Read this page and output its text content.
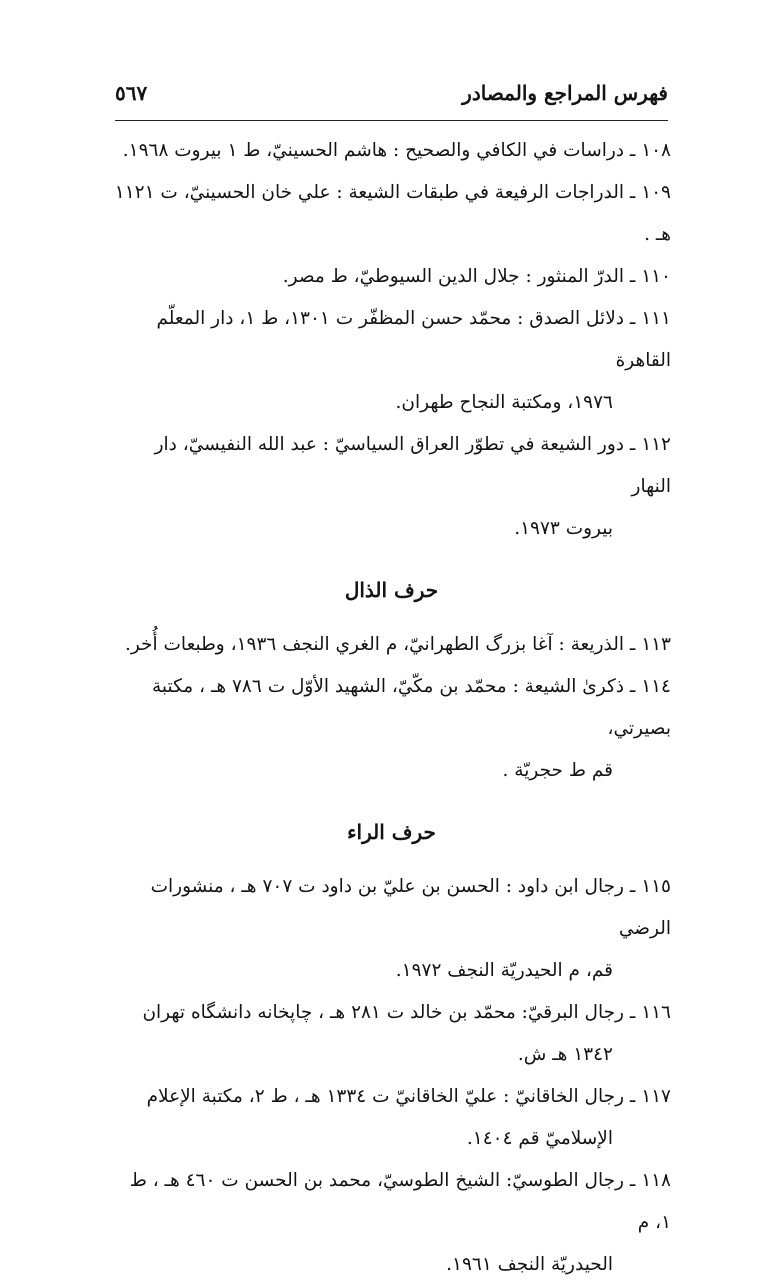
فهرس المراجع والمصادر
٥٦٧

١٠٨ ـ دراسات في الكافي والصحيح : هاشم الحسينيّ، ط ١ بيروت ١٩٦٨.

١٠٩ ـ الدراجات الرفيعة في طبقات الشيعة : علي خان الحسينيّ، ت ١١٢١ هـ .

١١٠ ـ الدرّ المنثور : جلال الدين السيوطيّ، ط مصر.

١١١ ـ دلائل الصدق : محمّد حسن المظفّر ت ١٣٠١، ط ١، دار المعلّم القاهرة
١٩٧٦، ومكتبة النجاح طهران.

١١٢ ـ دور الشيعة في تطوّر العراق السياسيّ : عبد الله النفيسيّ، دار النهار
بيروت ١٩٧٣.

حرف الذال

١١٣ ـ الذريعة : آغا بزرگ الطهرانيّ، م الغري النجف ١٩٣٦، وطبعات أُخر.

١١٤ ـ ذكرىٰ الشيعة : محمّد بن مكّيّ، الشهيد الأوّل ت ٧٨٦ هـ ، مكتبة بصيرتي،
قم ط حجريّة .

حرف الراء

١١٥ ـ رجال ابن داود : الحسن بن عليّ بن داود ت ٧٠٧ هـ ، منشورات الرضي
قم، م الحيدريّة النجف ١٩٧٢.

١١٦ ـ رجال البرقيّ: محمّد بن خالد ت ٢٨١ هـ ، چاپخانه دانشگاه تهران
١٣٤٢ هـ ش.

١١٧ ـ رجال الخاقانيّ : عليّ الخاقانيّ ت ١٣٣٤ هـ ، ط ٢، مكتبة الإعلام
الإسلاميّ قم ١٤٠٤.

١١٨ ـ رجال الطوسيّ: الشيخ الطوسيّ، محمد بن الحسن ت ٤٦٠ هـ ، ط ١، م
الحيدريّة النجف ١٩٦١.
